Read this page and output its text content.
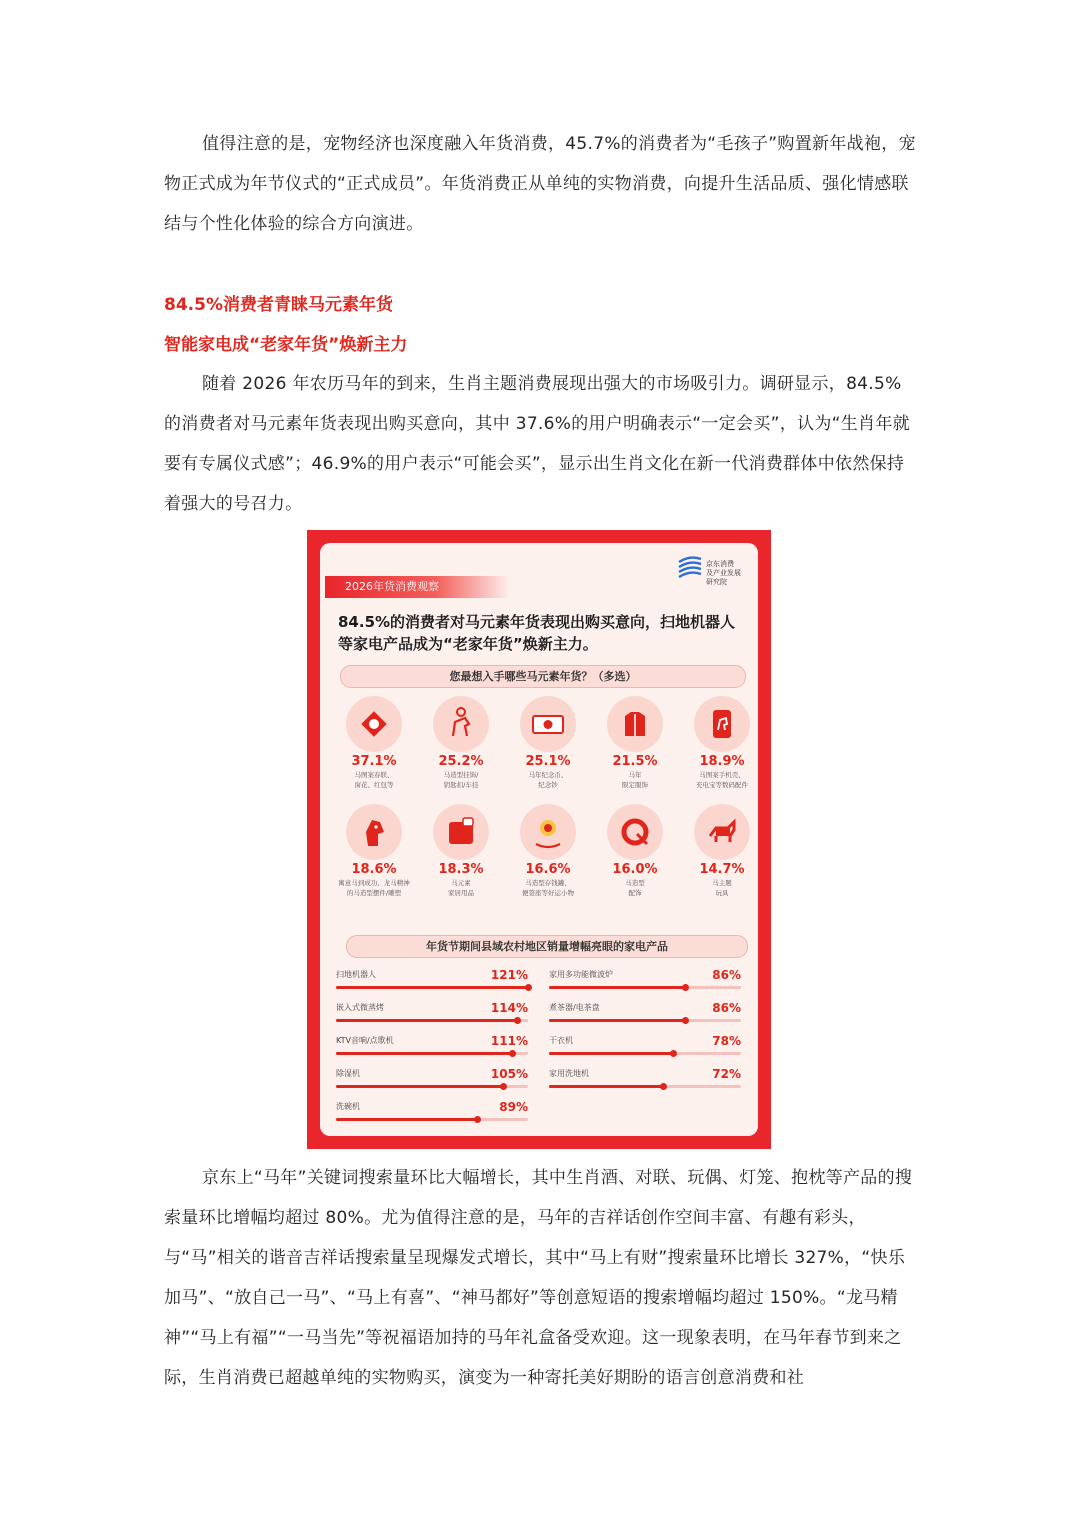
值得注意的是，宠物经济也深度融入年货消费，45.7%的消费者为“毛孩子”购置新年战袍，宠物正式成为年节仪式的“正式成员”。年货消费正从单纯的实物消费，向提升生活品质、强化情感联结与个性化体验的综合方向演进。

84.5%消费者青睐马元素年货

智能家电成“老家年货”焕新主力

随着 2026 年农历马年的到来，生肖主题消费展现出强大的市场吸引力。调研显示，84.5%的消费者对马元素年货表现出购买意向，其中 37.6%的用户明确表示“一定会买”，认为“生肖年就要有专属仪式感”；46.9%的用户表示“可能会买”，显示出生肖文化在新一代消费群体中依然保持着强大的号召力。

2026年货消费观察
京东消费
及产业发展
研究院

84.5%的消费者对马元素年货表现出购买意向，扫地机器人等家电产品成为“老家年货”焕新主力。

您最想入手哪些马元素年货？（多选）
37.1%
马图案春联、
窗花、红包等
25.2%
马造型挂饰/
钥匙扣/车挂
25.1%
马年纪念币、
纪念钞
21.5%
马年
限定服饰
18.9%
马图案手机壳、
充电宝等数码配件
18.6%
寓意马到成功、龙马精神
的马造型摆件/雕塑
18.3%
马元素
家居用品
16.6%
马造型存钱罐、
便签座等好运小物
16.0%
马造型
配饰
14.7%
马主题
玩具
年货节期间县域农村地区销量增幅亮眼的家电产品
扫地机器人	121%
嵌入式微蒸烤	114%
KTV音响/点歌机	111%
除湿机	105%
洗碗机	89%
家用多功能微波炉	86%
煮茶器/电茶盘	86%
干衣机	78%
家用洗地机	72%

京东上“马年”关键词搜索量环比大幅增长，其中生肖酒、对联、玩偶、灯笼、抱枕等产品的搜索量环比增幅均超过 80%。尤为值得注意的是，马年的吉祥话创作空间丰富、有趣有彩头，与“马”相关的谐音吉祥话搜索量呈现爆发式增长，其中“马上有财”搜索量环比增长 327%，“快乐加马”、“放自己一马”、“马上有喜”、“神马都好”等创意短语的搜索增幅均超过 150%。“龙马精神”“马上有福”“一马当先”等祝福语加持的马年礼盒备受欢迎。这一现象表明，在马年春节到来之际，生肖消费已超越单纯的实物购买，演变为一种寄托美好期盼的语言创意消费和社
